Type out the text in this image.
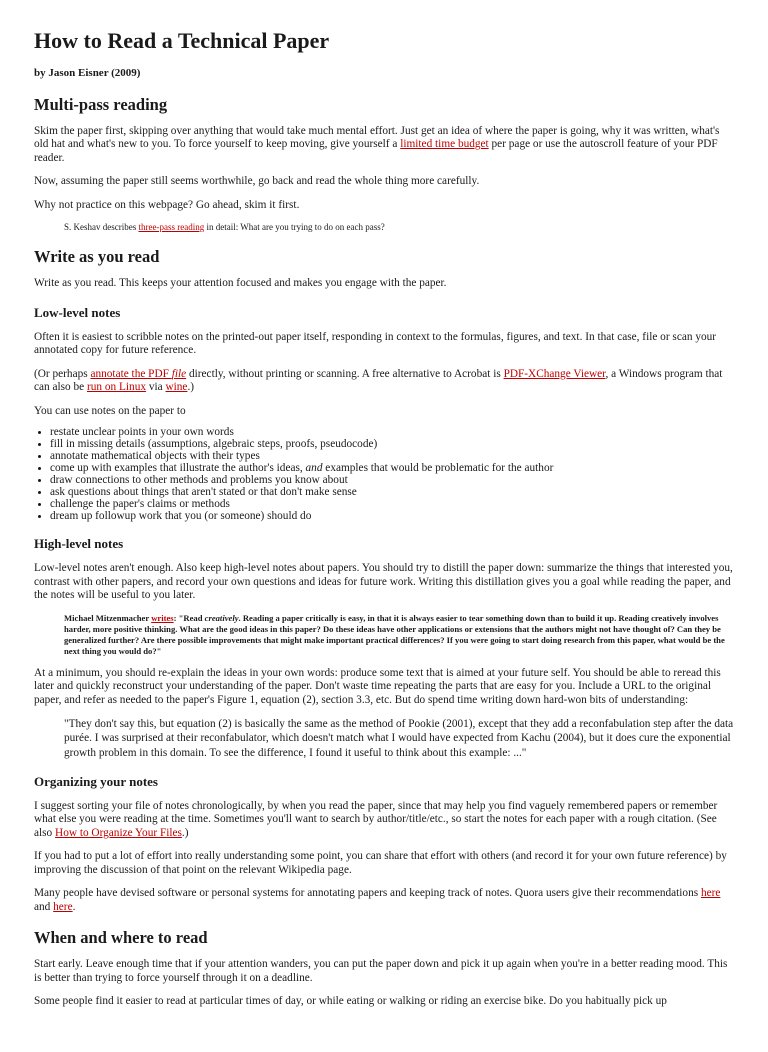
How to Read a Technical Paper
by Jason Eisner (2009)
Multi-pass reading

Skim the paper first, skipping over anything that would take much mental effort. Just get an idea of where the paper is going, why it was written, what's old hat and what's new to you. To force yourself to keep moving, give yourself a limited time budget per page or use the autoscroll feature of your PDF reader.

Now, assuming the paper still seems worthwhile, go back and read the whole thing more carefully.

Why not practice on this webpage? Go ahead, skim it first.

S. Keshav describes three-pass reading in detail: What are you trying to do on each pass?
Write as you read

Write as you read. This keeps your attention focused and makes you engage with the paper.

Low-level notes

Often it is easiest to scribble notes on the printed-out paper itself, responding in context to the formulas, figures, and text. In that case, file or scan your annotated copy for future reference.

(Or perhaps annotate the PDF file directly, without printing or scanning. A free alternative to Acrobat is PDF-XChange Viewer, a Windows program that can also be run on Linux via wine.)

You can use notes on the paper to

• restate unclear points in your own words
• fill in missing details (assumptions, algebraic steps, proofs, pseudocode)
• annotate mathematical objects with their types
• come up with examples that illustrate the author's ideas, and examples that would be problematic for the author
• draw connections to other methods and problems you know about
• ask questions about things that aren't stated or that don't make sense
• challenge the paper's claims or methods
• dream up followup work that you (or someone) should do
High-level notes

Low-level notes aren't enough. Also keep high-level notes about papers. You should try to distill the paper down: summarize the things that interested you, contrast with other papers, and record your own questions and ideas for future work. Writing this distillation gives you a goal while reading the paper, and the notes will be useful to you later.

Michael Mitzenmacher writes: "Read creatively. Reading a paper critically is easy, in that it is always easier to tear something down than to build it up. Reading creatively involves harder, more positive thinking. What are the good ideas in this paper? Do these ideas have other applications or extensions that the authors might not have thought of? Can they be generalized further? Are there possible improvements that might make important practical differences? If you were going to start doing research from this paper, what would be the next thing you would do?"

At a minimum, you should re-explain the ideas in your own words: produce some text that is aimed at your future self. You should be able to reread this later and quickly reconstruct your understanding of the paper. Don't waste time repeating the parts that are easy for you. Include a URL to the original paper, and refer as needed to the paper's Figure 1, equation (2), section 3.3, etc. But do spend time writing down hard-won bits of understanding:

"They don't say this, but equation (2) is basically the same as the method of Pookie (2001), except that they add a reconfabulation step after the data purée. I was surprised at their reconfabulator, which doesn't match what I would have expected from Kachu (2004), but it does cure the exponential growth problem in this domain. To see the difference, I found it useful to think about this example: ..."
Organizing your notes

I suggest sorting your file of notes chronologically, by when you read the paper, since that may help you find vaguely remembered papers or remember what else you were reading at the time. Sometimes you'll want to search by author/title/etc., so start the notes for each paper with a rough citation. (See also How to Organize Your Files.)

If you had to put a lot of effort into really understanding some point, you can share that effort with others (and record it for your own future reference) by improving the discussion of that point on the relevant Wikipedia page.

Many people have devised software or personal systems for annotating papers and keeping track of notes. Quora users give their recommendations here and here.

When and where to read

Start early. Leave enough time that if your attention wanders, you can put the paper down and pick it up again when you're in a better reading mood. This is better than trying to force yourself through it on a deadline.

Some people find it easier to read at particular times of day, or while eating or walking or riding an exercise bike. Do you habitually pick up
